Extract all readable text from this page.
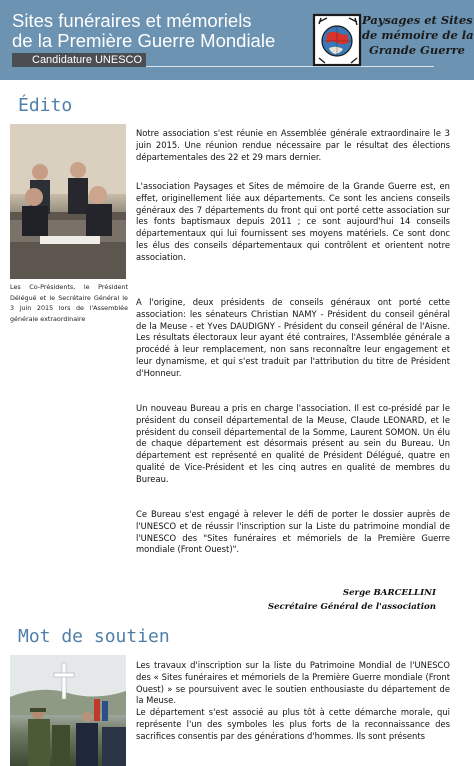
Sites funéraires et mémoriels
de la Première Guerre Mondiale
Candidature UNESCO
Paysages et Sites
de mémoire de la
Grande Guerre
Édito
Les Co-Présidents, le Président Délégué et le Secrétaire Général le 3 juin 2015 lors de l'Assemblée générale extraordinaire
Notre association s'est réunie en Assemblée générale extraordinaire le 3 juin 2015. Une réunion rendue nécessaire par le résultat des élections départementales des 22 et 29 mars dernier.
L'association Paysages et Sites de mémoire de la Grande Guerre est, en effet, originellement liée aux départements. Ce sont les anciens conseils généraux des 7 départements du front qui ont porté cette association sur les fonts baptismaux depuis 2011 ; ce sont aujourd'hui 14 conseils départementaux qui lui fournissent ses moyens matériels. Ce sont donc les élus des conseils départementaux qui contrôlent et orientent notre association.
A l'origine, deux présidents de conseils généraux ont porté cette association: les sénateurs Christian NAMY - Président du conseil général de la Meuse - et Yves DAUDIGNY - Président du conseil général de l'Aisne. Les résultats électoraux leur ayant été contraires, l'Assemblée générale a procédé à leur remplacement, non sans reconnaître leur engagement et leur dynamisme, et qui s'est traduit par l'attribution du titre de Président d'Honneur.
Un nouveau Bureau a pris en charge l'association. Il est co-présidé par le président du conseil départemental de la Meuse, Claude LEONARD, et le président du conseil départemental de la Somme, Laurent SOMON. Un élu de chaque département est désormais présent au sein du Bureau. Un département est représenté en qualité de Président Délégué, quatre en qualité de Vice-Président et les cinq autres en qualité de membres du Bureau.
Ce Bureau s'est engagé à relever le défi de porter le dossier auprès de l'UNESCO et de réussir l'inscription sur la Liste du patrimoine mondial de l'UNESCO des "Sites funéraires et mémoriels de la Première Guerre mondiale (Front Ouest)".
Serge BARCELLINI
Secrétaire Général de l'association
Mot de soutien
Les travaux d'inscription sur la liste du Patrimoine Mondial de l'UNESCO des « Sites funéraires et mémoriels de la Première Guerre mondiale (Front Ouest) » se poursuivent avec le soutien enthousiaste du département de la Meuse.
Le département s'est associé au plus tôt à cette démarche morale, qui représente l'un des symboles les plus forts de la reconnaissance des sacrifices consentis par des générations d'hommes. Ils sont présents
